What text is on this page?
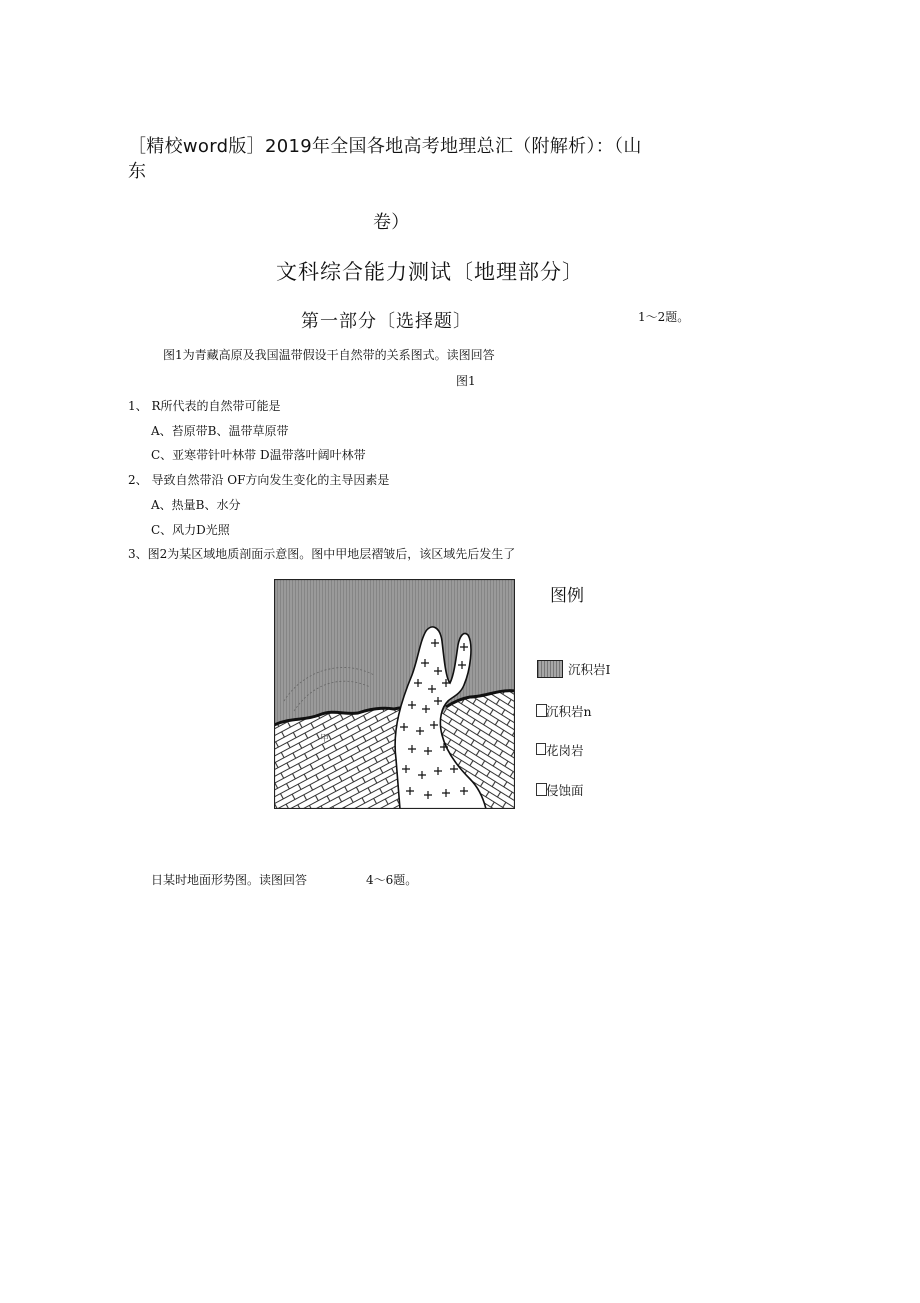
［精校word版］2019年全国各地高考地理总汇（附解析）：（山
东
卷）
文科综合能力测试〔地理部分〕
第一部分〔选择题〕	1～2题。
图1为青藏高原及我国温带假设干自然带的关系图式。读图回答
图1
1、 R所代表的自然带可能是
A、苔原带B、温带草原带
C、亚寒带针叶林带 D温带落叶阔叶林带
2、 导致自然带沿 OF方向发生变化的主导因素是
A、热量B、水分
C、风力D光照
3、图2为某区域地质剖面示意图。图中甲地层褶皱后，该区域先后发生了
甲
图例
沉积岩I
沉积岩n
花岗岩
侵蚀面
日某时地面形势图。读图回答	4～6题。
